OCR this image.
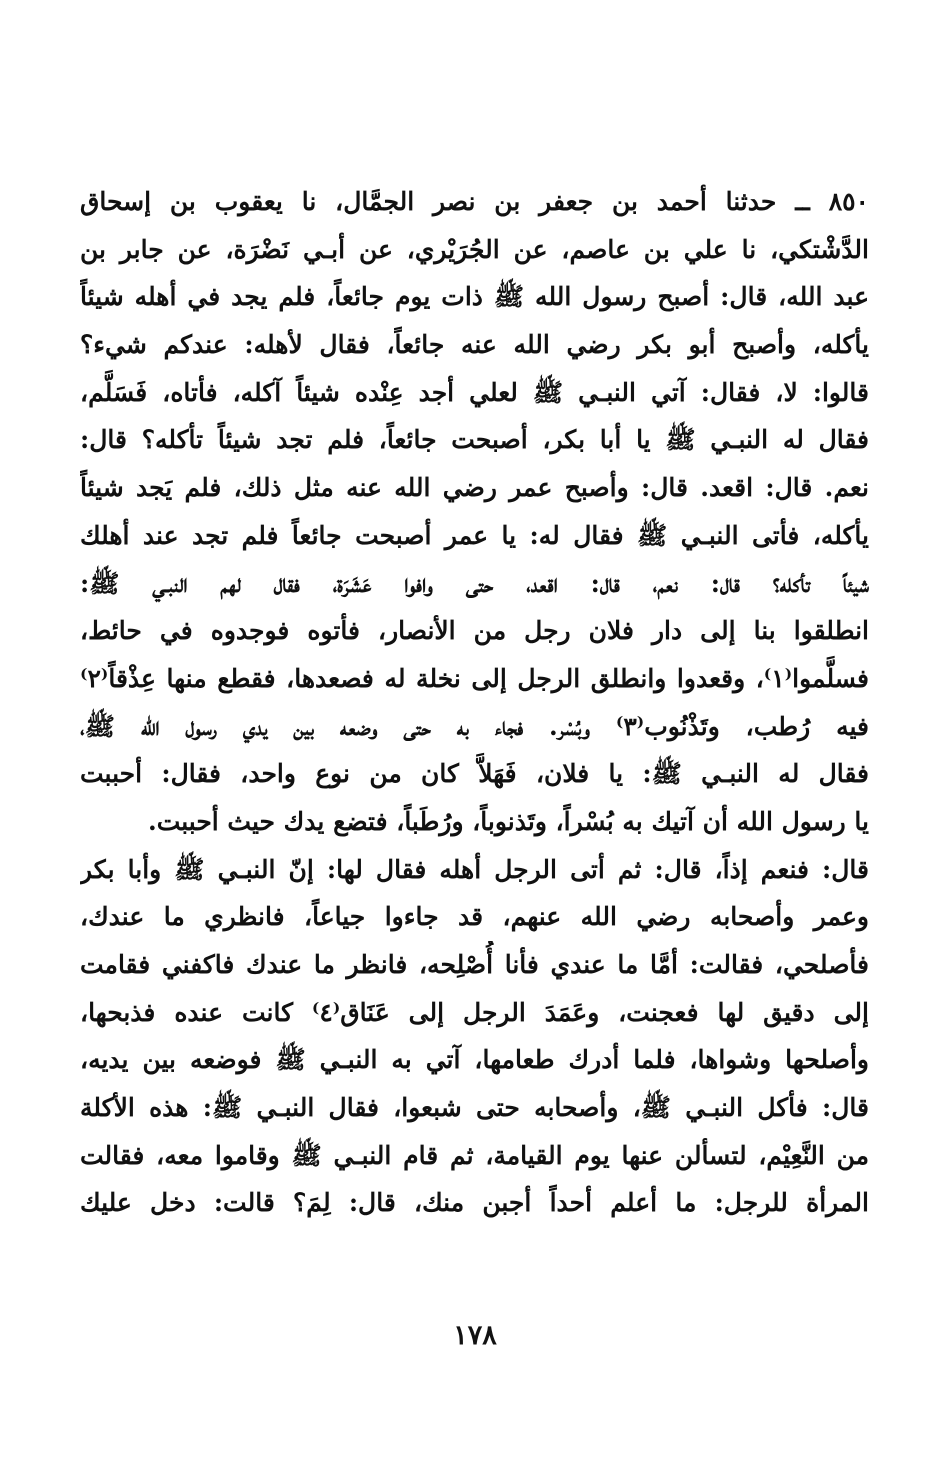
٨٥٠ ــ حدثنا أحمد بن جعفر بن نصر الجمَّال، نا يعقوب بن إسحاق
الدَّشْتكي، نا علي بن عاصم، عن الجُرَيْري، عن أبـي نَضْرَة، عن جابر بن
عبد الله، قال: أصبح رسول الله ﷺ ذات يوم جائعاً، فلم يجد في أهله شيئاً
يأكله، وأصبح أبو بكر رضي الله عنه جائعاً، فقال لأهله: عندكم شيء؟
قالوا: لا، فقال: آتي النبـي ﷺ لعلي أجد عِنْده شيئاً آكله، فأتاه، فَسَلَّم،
فقال له النبـي ﷺ يا أبا بكر، أصبحت جائعاً، فلم تجد شيئاً تأكله؟ قال:
نعم. قال: اقعد. قال: وأصبح عمر رضي الله عنه مثل ذلك، فلم يَجد شيئاً
يأكله، فأتى النبـي ﷺ فقال له: يا عمر أصبحت جائعاً فلم تجد عند أهلك
شيئاً تأكله؟ قال: نعم، قال: اقعد، حتى وافوا عَشَرَة، فقال لهم النبـي ﷺ:
انطلقوا بنا إلى دار فلان رجل من الأنصار، فأتوه فوجدوه في حائط،
فسلَّموا⁽١⁾، وقعدوا وانطلق الرجل إلى نخلة له فصعدها، فقطع منها عِذْقاً⁽٢⁾
فيه رُطب، وتَذْنُوب⁽٣⁾ وبُسْر. فجاء به حتى وضعه بين يدي رسول الله ﷺ،
فقال له النبـي ﷺ: يا فلان، فَهَلاَّ كان من نوع واحد، فقال: أحببت
يا رسول الله أن آتيك به بُسْراً، وتَذنوباً، ورُطَباً، فتضع يدك حيث أحببت.
قال: فنعم إذاً، قال: ثم أتى الرجل أهله فقال لها: إنّ النبـي ﷺ وأبا بكر
وعمر وأصحابه رضي الله عنهم، قد جاءوا جياعاً، فانظري ما عندك،
فأصلحي، فقالت: أمَّا ما عندي فأنا أُصْلِحه، فانظر ما عندك فاكفني فقامت
إلى دقيق لها فعجنت، وعَمَدَ الرجل إلى عَنَاق⁽٤⁾ كانت عنده فذبحها،
وأصلحها وشواها، فلما أدرك طعامها، آتي به النبـي ﷺ فوضعه بين يديه،
قال: فأكل النبـي ﷺ، وأصحابه حتى شبعوا، فقال النبـي ﷺ: هذه الأكلة
من النَّعِيْم، لتسألن عنها يوم القيامة، ثم قام النبـي ﷺ وقاموا معه، فقالت
المرأة للرجل: ما أعلم أحداً أجبن منك، قال: لِمَ؟ قالت: دخل عليك
١٧٨
